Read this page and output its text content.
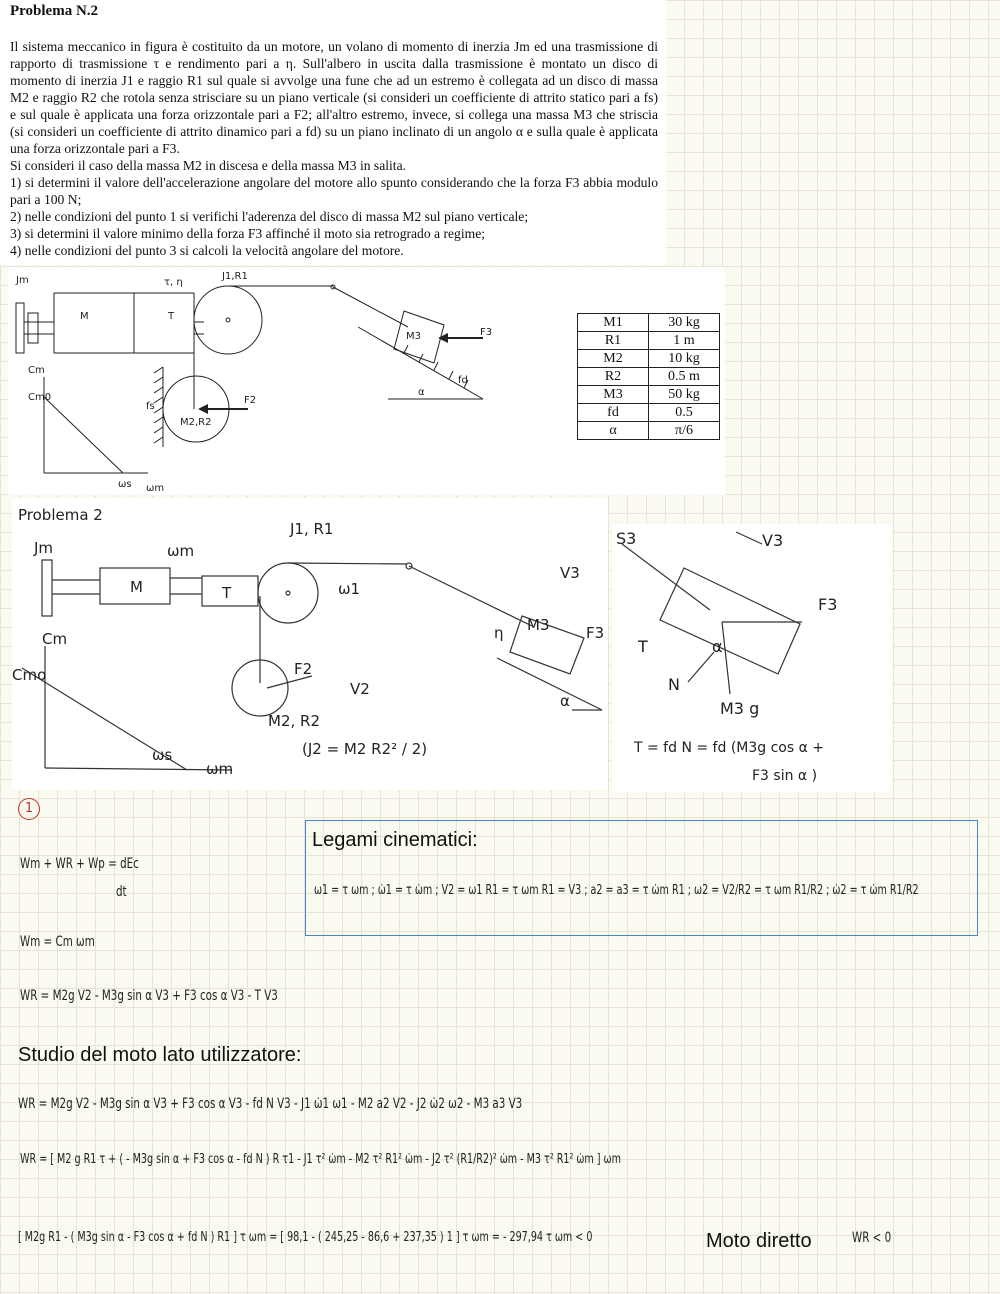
Problema N.2

Il sistema meccanico in figura è costituito da un motore, un volano di momento di inerzia Jm ed una trasmissione di rapporto di trasmissione τ e rendimento pari a η. Sull'albero in uscita dalla trasmissione è montato un disco di momento di inerzia J1 e raggio R1 sul quale si avvolge una fune che ad un estremo è collegata ad un disco di massa M2 e raggio R2 che rotola senza strisciare su un piano verticale (si consideri un coefficiente di attrito statico pari a fs) e sul quale è applicata una forza orizzontale pari a F2; all'altro estremo, invece, si collega una massa M3 che striscia (si consideri un coefficiente di attrito dinamico pari a fd) su un piano inclinato di un angolo α e sulla quale è applicata una forza orizzontale pari a F3.

Si consideri il caso della massa M2 in discesa e della massa M3 in salita.

1) si determini il valore dell'accelerazione angolare del motore allo spunto considerando che la forza F3 abbia modulo pari a 100 N;

2) nelle condizioni del punto 1 si verifichi l'aderenza del disco di massa M2 sul piano verticale;

3) si determini il valore minimo della forza F3 affinché il moto sia retrogrado a regime;

4) nelle condizioni del punto 3 si calcoli la velocità angolare del motore.

Jm
M	T
τ, η
J1,R1
M3	F3
fd
α
fs
M2,R2
F2
Cm
Cm0
ωs ωm
M1	30 kg
R1	1 m
M2	10 kg
R2	0.5 m
M3	50 kg
fd	0.5
α	π/6
Problema 2
Jm
M	T
ωm
J1, R1
ω1
V3
M3 F3
η
Cm
Cmo	F2
V2
M2, R2
(J2 = M2 R2² / 2)
ωs
ωm
α
S3	V3
F3
T
N
α
M3 g
T = fd N = fd (M3g cos α +
F3 sin α )
1
Wm + WR + Wp = dEc
dt
Wm = Cm ωm
WR = M2g V2 - M3g sin α V3 + F3 cos α V3 - T V3
Studio del moto lato utilizzatore:
WR = M2g V2 - M3g sin α V3 + F3 cos α V3 - fd N V3 - J1 ω̇1 ω1 - M2 a2 V2 - J2 ω̇2 ω2 - M3 a3 V3
WR = [ M2 g R1 τ + ( - M3g sin α + F3 cos α - fd N ) R τ1 - J1 τ² ω̇m - M2 τ² R1² ω̇m - J2 τ² (R1/R2)² ω̇m - M3 τ² R1² ω̇m ] ωm
[ M2g R1 - ( M3g sin α - F3 cos α + fd N ) R1 ] τ ωm = [ 98,1 - ( 245,25 - 86,6 + 237,35 ) 1 ] τ ωm = - 297,94 τ ωm < 0	Moto diretto	WR < 0
Legami cinematici:
ω1 = τ ωm ; ω̇1 = τ ω̇m ; V2 = ω1 R1 = τ ωm R1 = V3 ; a2 = a3 = τ ω̇m R1 ; ω2 = V2/R2 = τ ωm R1/R2 ; ω̇2 = τ ω̇m R1/R2
